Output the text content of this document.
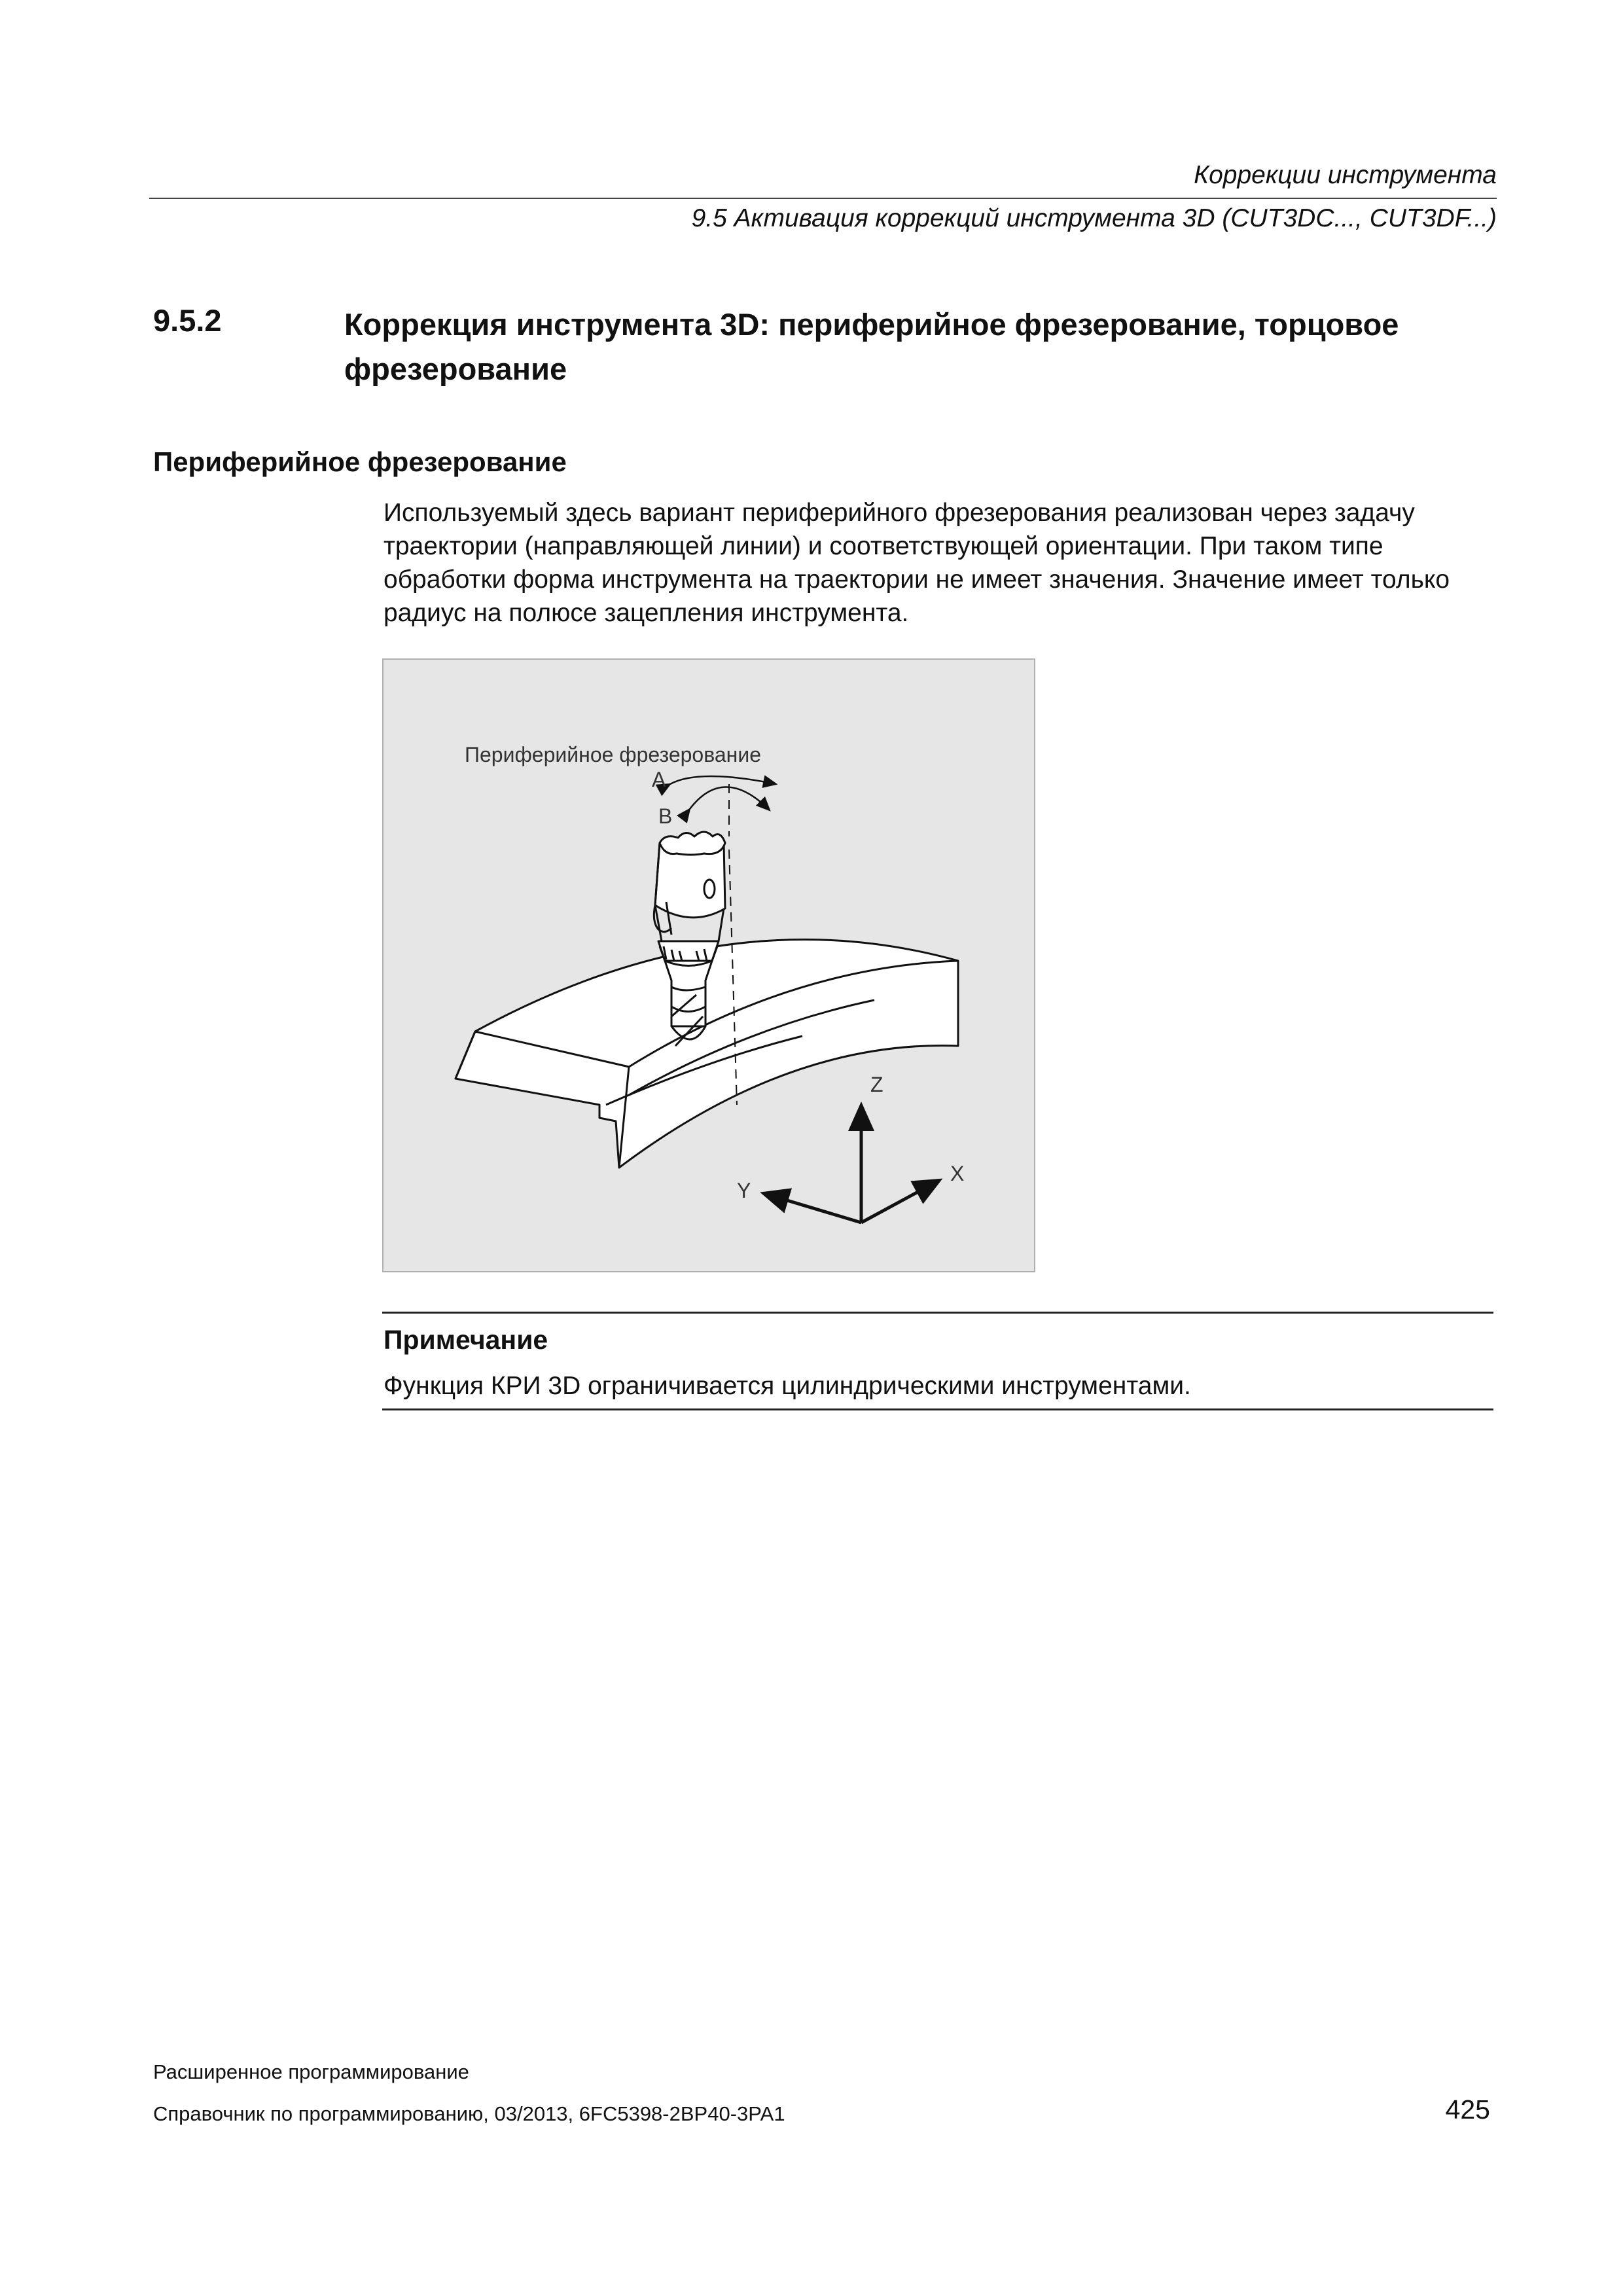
Коррекции инструмента
9.5 Активация коррекций инструмента 3D (CUT3DC..., CUT3DF...)
9.5.2	Коррекция инструмента 3D: периферийное фрезерование, торцовое фрезерование
Периферийное фрезерование
Используемый здесь вариант периферийного фрезерования реализован через задачу траектории (направляющей линии) и соответствующей ориентации. При таком типе обработки форма инструмента на траектории не имеет значения. Значение имеет только радиус на полюсе зацепления инструмента.
Периферийное фрезерование
A
B
Z
Y
X
Примечание
Функция КРИ 3D ограничивается цилиндрическими инструментами.
Расширенное программирование
Справочник по программированию, 03/2013, 6FC5398-2BP40-3PA1	425
